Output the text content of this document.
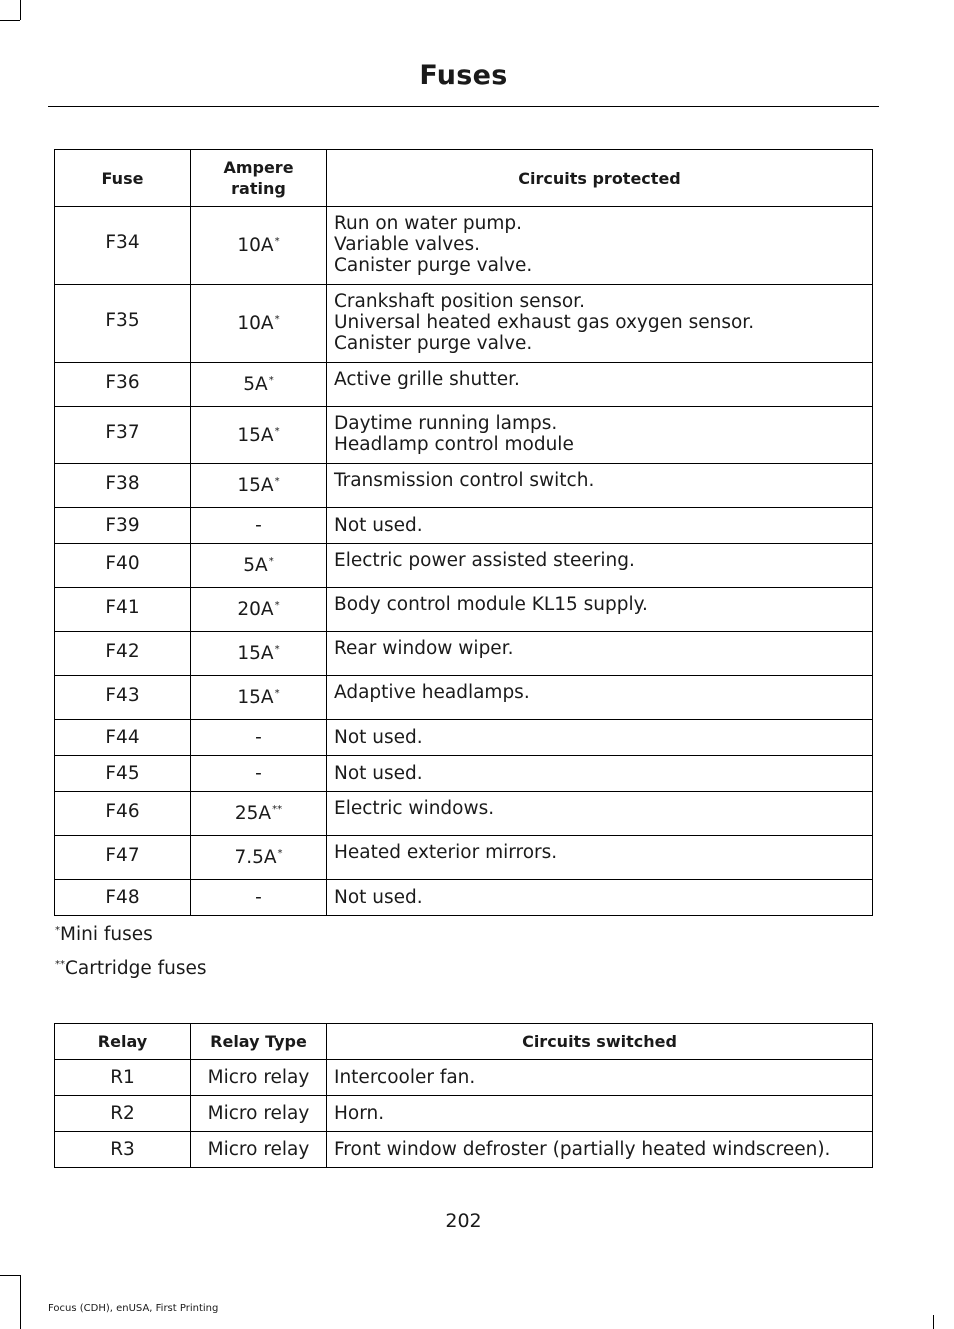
Fuses
Fuse	Ampere rating	Circuits protected
F34	10A*	Run on water pump.
Variable valves.
Canister purge valve.

F35	10A*	Crankshaft position sensor.
Universal heated exhaust gas oxygen sensor.
Canister purge valve.

F36	5A*	Active grille shutter.

F37	15A*	Daytime running lamps.
Headlamp control module

F38	15A*	Transmission control switch.

F39	-	Not used.

F40	5A*	Electric power assisted steering.

F41	20A*	Body control module KL15 supply.

F42	15A*	Rear window wiper.

F43	15A*	Adaptive headlamps.

F44	-	Not used.

F45	-	Not used.

F46	25A**	Electric windows.

F47	7.5A*	Heated exterior mirrors.

F48	-	Not used.
*Mini fuses
**Cartridge fuses
Relay	Relay Type	Circuits switched
R1	Micro relay	Intercooler fan.
R2	Micro relay	Horn.
R3	Micro relay	Front window defroster (partially heated windscreen).
202
Focus (CDH), enUSA, First Printing
